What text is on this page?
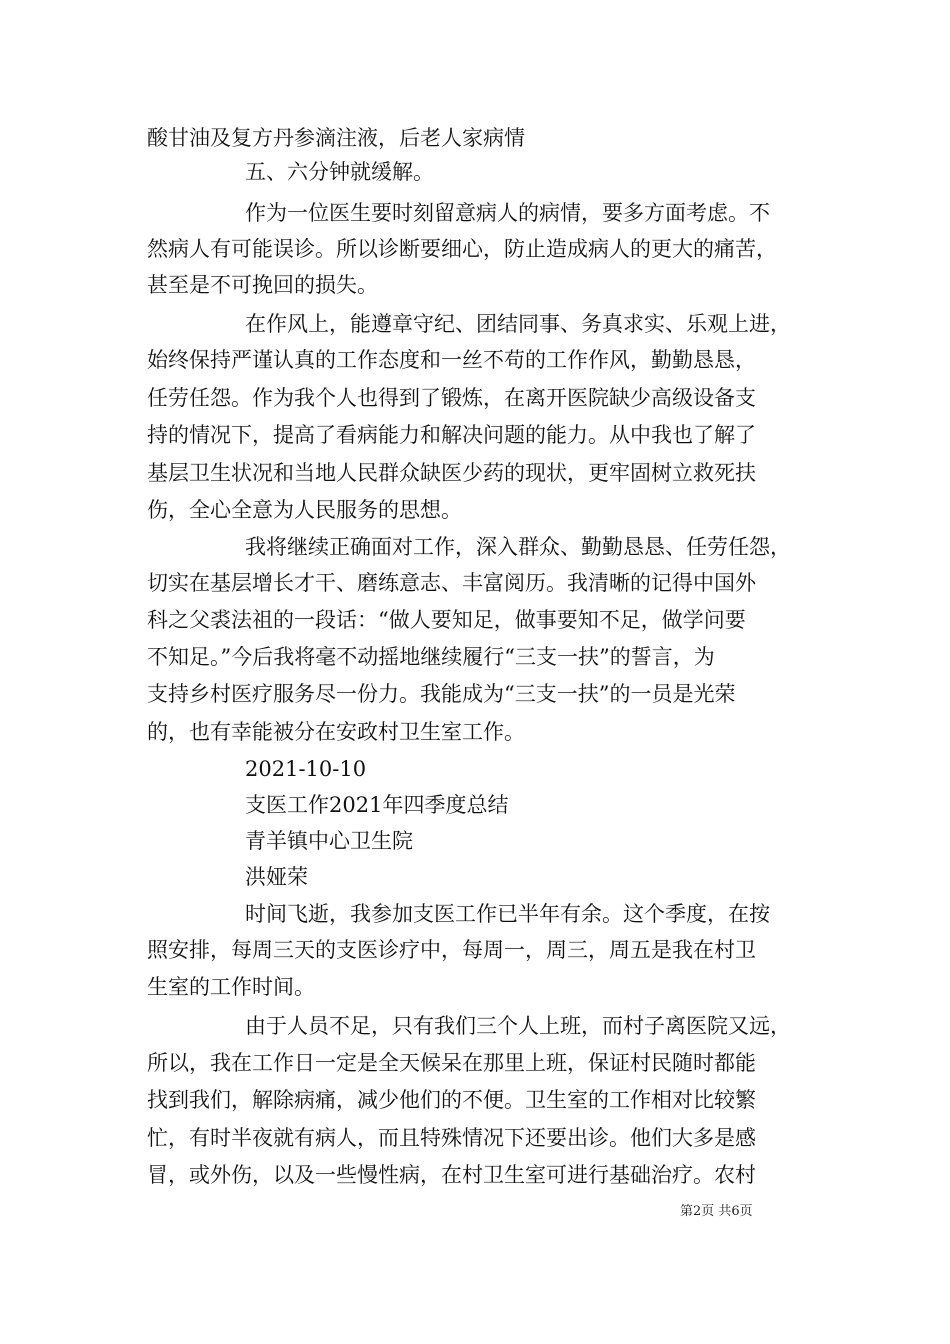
酸甘油及复方丹参滴注液，后老人家病情
五、六分钟就缓解。
作为一位医生要时刻留意病人的病情，要多方面考虑。不
然病人有可能误诊。所以诊断要细心，防止造成病人的更大的痛苦，
甚至是不可挽回的损失。
在作风上，能遵章守纪、团结同事、务真求实、乐观上进，
始终保持严谨认真的工作态度和一丝不苟的工作作风，勤勤恳恳，
任劳任怨。作为我个人也得到了锻炼，在离开医院缺少高级设备支
持的情况下，提高了看病能力和解决问题的能力。从中我也了解了
基层卫生状况和当地人民群众缺医少药的现状，更牢固树立救死扶
伤，全心全意为人民服务的思想。
我将继续正确面对工作，深入群众、勤勤恳恳、任劳任怨，
切实在基层增长才干、磨练意志、丰富阅历。我清晰的记得中国外
科之父裘法祖的一段话：“做人要知足，做事要知不足，做学问要
不知足。”今后我将毫不动摇地继续履行“三支一扶”的誓言，为
支持乡村医疗服务尽一份力。我能成为“三支一扶”的一员是光荣
的，也有幸能被分在安政村卫生室工作。
2021-10-10
支医工作2021年四季度总结
青羊镇中心卫生院
洪娅荣
时间飞逝，我参加支医工作已半年有余。这个季度，在按
照安排，每周三天的支医诊疗中，每周一，周三，周五是我在村卫
生室的工作时间。
由于人员不足，只有我们三个人上班，而村子离医院又远，
所以，我在工作日一定是全天候呆在那里上班，保证村民随时都能
找到我们，解除病痛，减少他们的不便。卫生室的工作相对比较繁
忙，有时半夜就有病人，而且特殊情况下还要出诊。他们大多是感
冒，或外伤，以及一些慢性病，在村卫生室可进行基础治疗。农村
第2页 共6页
